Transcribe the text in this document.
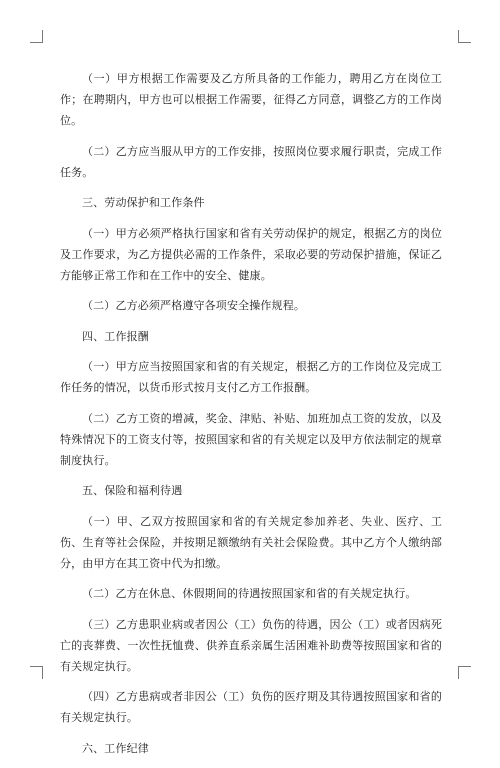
（一）甲方根据工作需要及乙方所具备的工作能力，聘用乙方在岗位工作；在聘期内，甲方也可以根据工作需要，征得乙方同意，调整乙方的工作岗位。

（二）乙方应当服从甲方的工作安排，按照岗位要求履行职责，完成工作任务。

三、劳动保护和工作条件

（一）甲方必须严格执行国家和省有关劳动保护的规定，根据乙方的岗位及工作要求，为乙方提供必需的工作条件，采取必要的劳动保护措施，保证乙方能够正常工作和在工作中的安全、健康。

（二）乙方必须严格遵守各项安全操作规程。

四、工作报酬

（一）甲方应当按照国家和省的有关规定，根据乙方的工作岗位及完成工作任务的情况，以货币形式按月支付乙方工作报酬。

（二）乙方工资的增减，奖金、津贴、补贴、加班加点工资的发放，以及特殊情况下的工资支付等，按照国家和省的有关规定以及甲方依法制定的规章制度执行。

五、保险和福利待遇

（一）甲、乙双方按照国家和省的有关规定参加养老、失业、医疗、工伤、生育等社会保险，并按期足额缴纳有关社会保险费。其中乙方个人缴纳部分，由甲方在其工资中代为扣缴。

（二）乙方在休息、休假期间的待遇按照国家和省的有关规定执行。

（三）乙方患职业病或者因公（工）负伤的待遇，因公（工）或者因病死亡的丧葬费、一次性抚恤费、供养直系亲属生活困难补助费等按照国家和省的有关规定执行。

（四）乙方患病或者非因公（工）负伤的医疗期及其待遇按照国家和省的有关规定执行。

六、工作纪律
